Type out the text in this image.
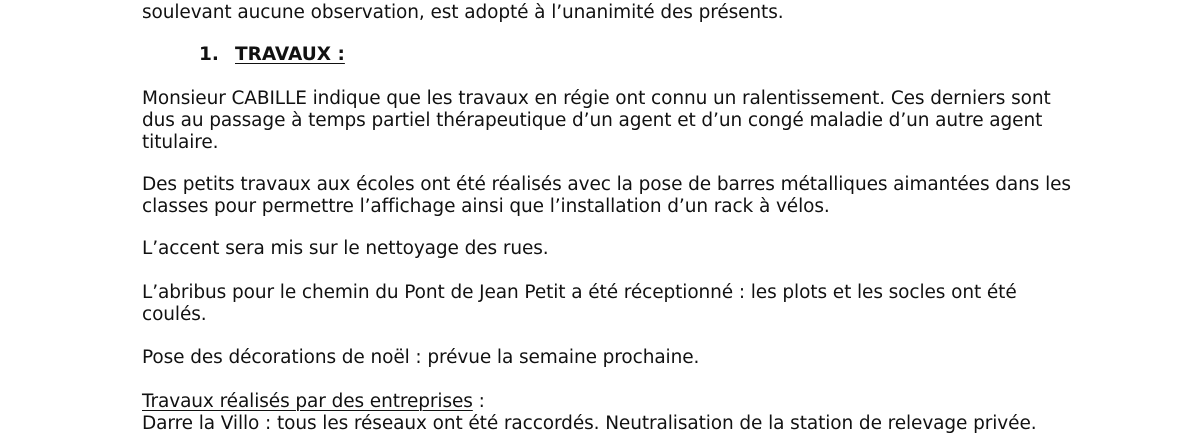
soulevant aucune observation, est adopté à l’unanimité des présents.
1. TRAVAUX :
Monsieur CABILLE indique que les travaux en régie ont connu un ralentissement. Ces derniers sont
dus au passage à temps partiel thérapeutique d’un agent et d’un congé maladie d’un autre agent
titulaire.
Des petits travaux aux écoles ont été réalisés avec la pose de barres métalliques aimantées dans les
classes pour permettre l’affichage ainsi que l’installation d’un rack à vélos.
L’accent sera mis sur le nettoyage des rues.
L’abribus pour le chemin du Pont de Jean Petit a été réceptionné : les plots et les socles ont été
coulés.
Pose des décorations de noël : prévue la semaine prochaine.
Travaux réalisés par des entreprises :
Darre la Villo : tous les réseaux ont été raccordés. Neutralisation de la station de relevage privée.
